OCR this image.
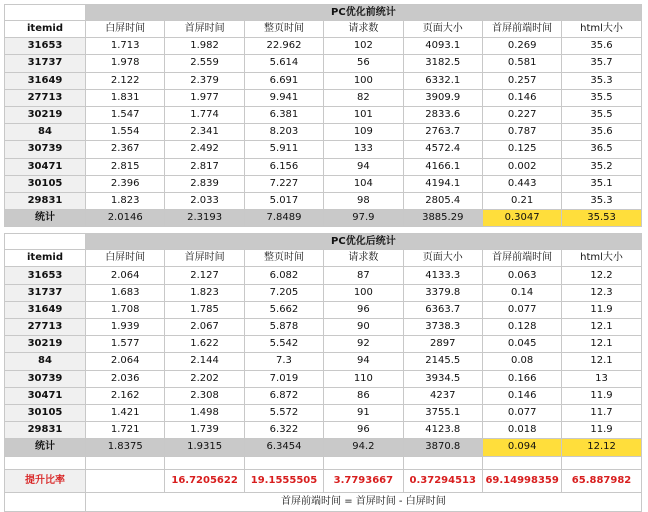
	PC优化前统计						
itemid	白屏时间	首屏时间	整页时间	请求数	页面大小	首屏前端时间	html大小
31653	1.713	1.982	22.962	102	4093.1	0.269	35.6
31737	1.978	2.559	5.614	56	3182.5	0.581	35.7
31649	2.122	2.379	6.691	100	6332.1	0.257	35.3
27713	1.831	1.977	9.941	82	3909.9	0.146	35.5
30219	1.547	1.774	6.381	101	2833.6	0.227	35.5
84	1.554	2.341	8.203	109	2763.7	0.787	35.6
30739	2.367	2.492	5.911	133	4572.4	0.125	36.5
30471	2.815	2.817	6.156	94	4166.1	0.002	35.2
30105	2.396	2.839	7.227	104	4194.1	0.443	35.1
29831	1.823	2.033	5.017	98	2805.4	0.21	35.3
统计	2.0146	2.3193	7.8489	97.9	3885.29	0.3047	35.53

	PC优化后统计						
itemid	白屏时间	首屏时间	整页时间	请求数	页面大小	首屏前端时间	html大小
31653	2.064	2.127	6.082	87	4133.3	0.063	12.2
31737	1.683	1.823	7.205	100	3379.8	0.14	12.3
31649	1.708	1.785	5.662	96	6363.7	0.077	11.9
27713	1.939	2.067	5.878	90	3738.3	0.128	12.1
30219	1.577	1.622	5.542	92	2897	0.045	12.1
84	2.064	2.144	7.3	94	2145.5	0.08	12.1
30739	2.036	2.202	7.019	110	3934.5	0.166	13
30471	2.162	2.308	6.872	86	4237	0.146	11.9
30105	1.421	1.498	5.572	91	3755.1	0.077	11.7
29831	1.721	1.739	6.322	96	4123.8	0.018	11.9
统计	1.8375	1.9315	6.3454	94.2	3870.8	0.094	12.12

提升比率		16.7205622	19.1555505	3.7793667	0.37294513	69.14998359	65.887982
	首屏前端时间 = 首屏时间 - 白屏时间						
